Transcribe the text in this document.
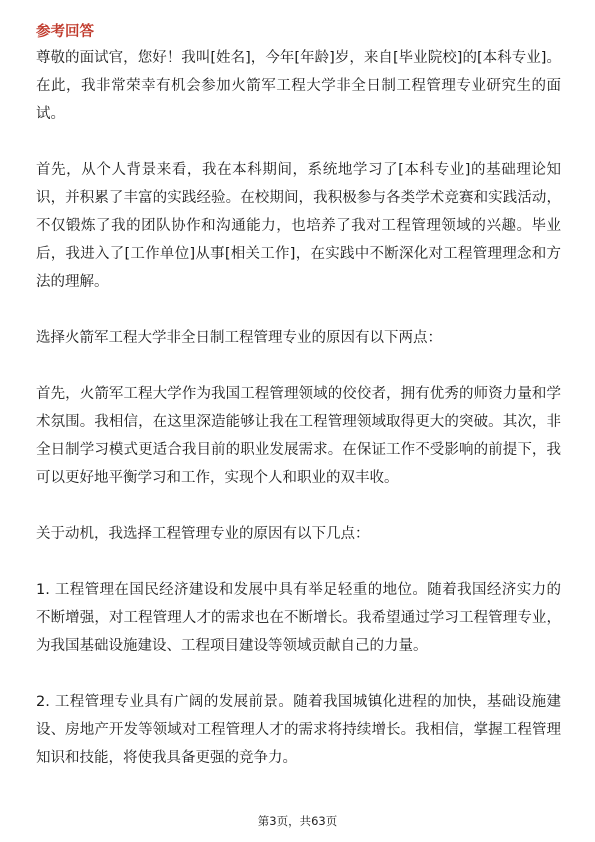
参考回答

尊敬的面试官，您好！我叫[姓名]，今年[年龄]岁，来自[毕业院校]的[本科专业]。在此，我非常荣幸有机会参加火箭军工程大学非全日制工程管理专业研究生的面试。

首先，从个人背景来看，我在本科期间，系统地学习了[本科专业]的基础理论知识，并积累了丰富的实践经验。在校期间，我积极参与各类学术竞赛和实践活动，不仅锻炼了我的团队协作和沟通能力，也培养了我对工程管理领域的兴趣。毕业后，我进入了[工作单位]从事[相关工作]，在实践中不断深化对工程管理理念和方法的理解。

选择火箭军工程大学非全日制工程管理专业的原因有以下两点：

首先，火箭军工程大学作为我国工程管理领域的佼佼者，拥有优秀的师资力量和学术氛围。我相信，在这里深造能够让我在工程管理领域取得更大的突破。其次，非全日制学习模式更适合我目前的职业发展需求。在保证工作不受影响的前提下，我可以更好地平衡学习和工作，实现个人和职业的双丰收。

关于动机，我选择工程管理专业的原因有以下几点：

1. 工程管理在国民经济建设和发展中具有举足轻重的地位。随着我国经济实力的不断增强，对工程管理人才的需求也在不断增长。我希望通过学习工程管理专业，为我国基础设施建设、工程项目建设等领域贡献自己的力量。

2. 工程管理专业具有广阔的发展前景。随着我国城镇化进程的加快，基础设施建设、房地产开发等领域对工程管理人才的需求将持续增长。我相信，掌握工程管理知识和技能，将使我具备更强的竞争力。

第3页，共63页
